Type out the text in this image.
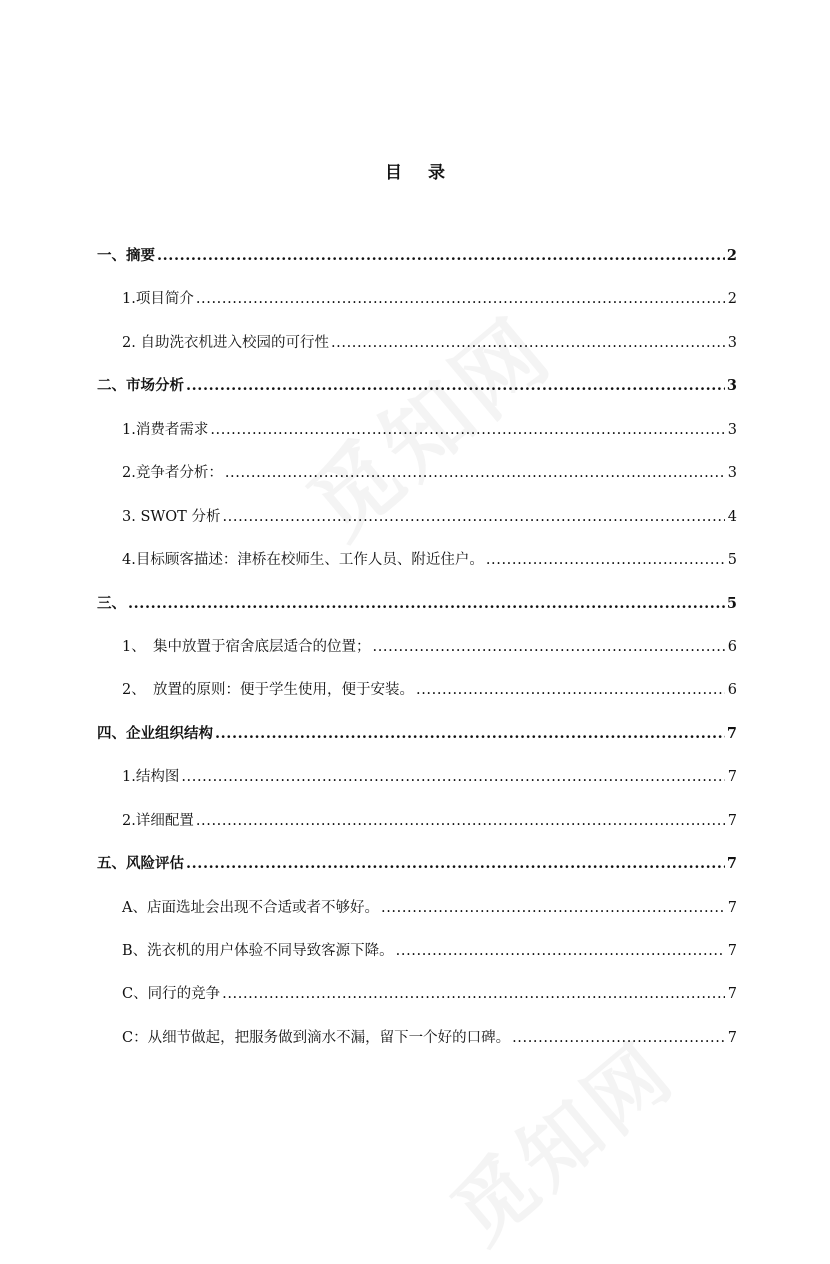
目 录
一、摘要 .....	2
1.项目简介 .....	2
2. 自助洗衣机进入校园的可行性 .....	3
二、市场分析 .....	3
1.消费者需求 .....	3
2.竞争者分析： .....	3
3. SWOT 分析 .....	4
4.目标顾客描述：津桥在校师生、工作人员、附近住户。 .....	5
三、 .....	5
1、　集中放置于宿舍底层适合的位置； .....	6
2、　放置的原则：便于学生使用，便于安装。 .....	6
四、企业组织结构 .....	7
1.结构图 .....	7
2.详细配置 .....	7
五、风险评估 .....	7
A、店面选址会出现不合适或者不够好。 .....	7
B、洗衣机的用户体验不同导致客源下降。 .....	7
C、同行的竞争 .....	7
C：从细节做起，把服务做到滴水不漏，留下一个好的口碑。 .....	7
